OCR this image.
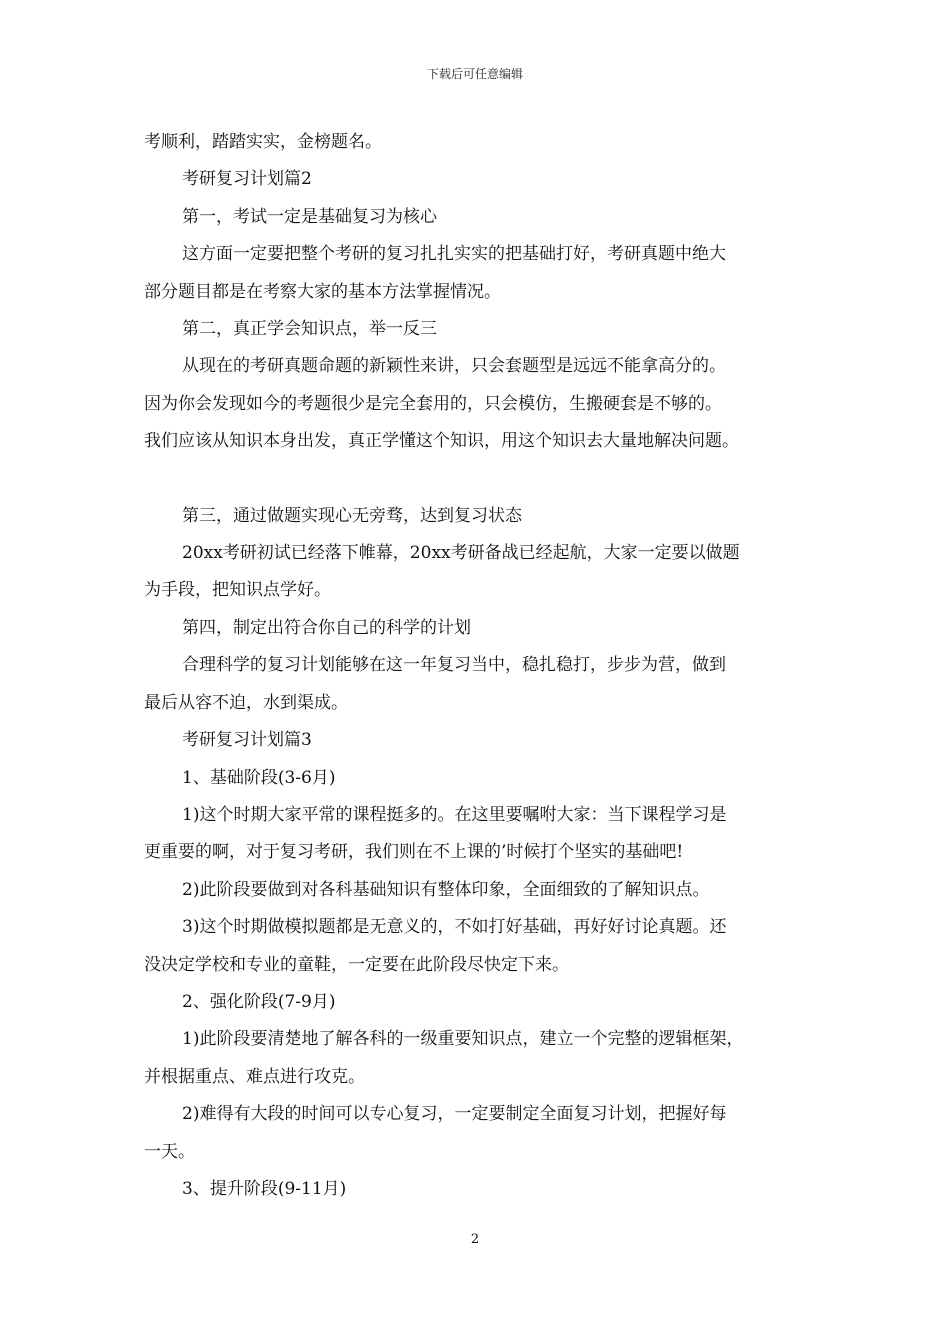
下载后可任意编辑

考顺利，踏踏实实，金榜题名。

考研复习计划篇2

第一，考试一定是基础复习为核心

这方面一定要把整个考研的复习扎扎实实的把基础打好，考研真题中绝大

部分题目都是在考察大家的基本方法掌握情况。

第二，真正学会知识点，举一反三

从现在的考研真题命题的新颖性来讲，只会套题型是远远不能拿高分的。

因为你会发现如今的考题很少是完全套用的，只会模仿，生搬硬套是不够的。

我们应该从知识本身出发，真正学懂这个知识，用这个知识去大量地解决问题。

第三，通过做题实现心无旁骛，达到复习状态

20xx考研初试已经落下帷幕，20xx考研备战已经起航，大家一定要以做题

为手段，把知识点学好。

第四，制定出符合你自己的科学的计划

合理科学的复习计划能够在这一年复习当中，稳扎稳打，步步为营，做到

最后从容不迫，水到渠成。

考研复习计划篇3

1、基础阶段(3-6月)

1)这个时期大家平常的课程挺多的。在这里要嘱咐大家：当下课程学习是

更重要的啊，对于复习考研，我们则在不上课的’时候打个坚实的基础吧!

2)此阶段要做到对各科基础知识有整体印象，全面细致的了解知识点。

3)这个时期做模拟题都是无意义的，不如打好基础，再好好讨论真题。还

没决定学校和专业的童鞋，一定要在此阶段尽快定下来。

2、强化阶段(7-9月)

1)此阶段要清楚地了解各科的一级重要知识点，建立一个完整的逻辑框架，

并根据重点、难点进行攻克。

2)难得有大段的时间可以专心复习，一定要制定全面复习计划，把握好每

一天。

3、提升阶段(9-11月)

2
